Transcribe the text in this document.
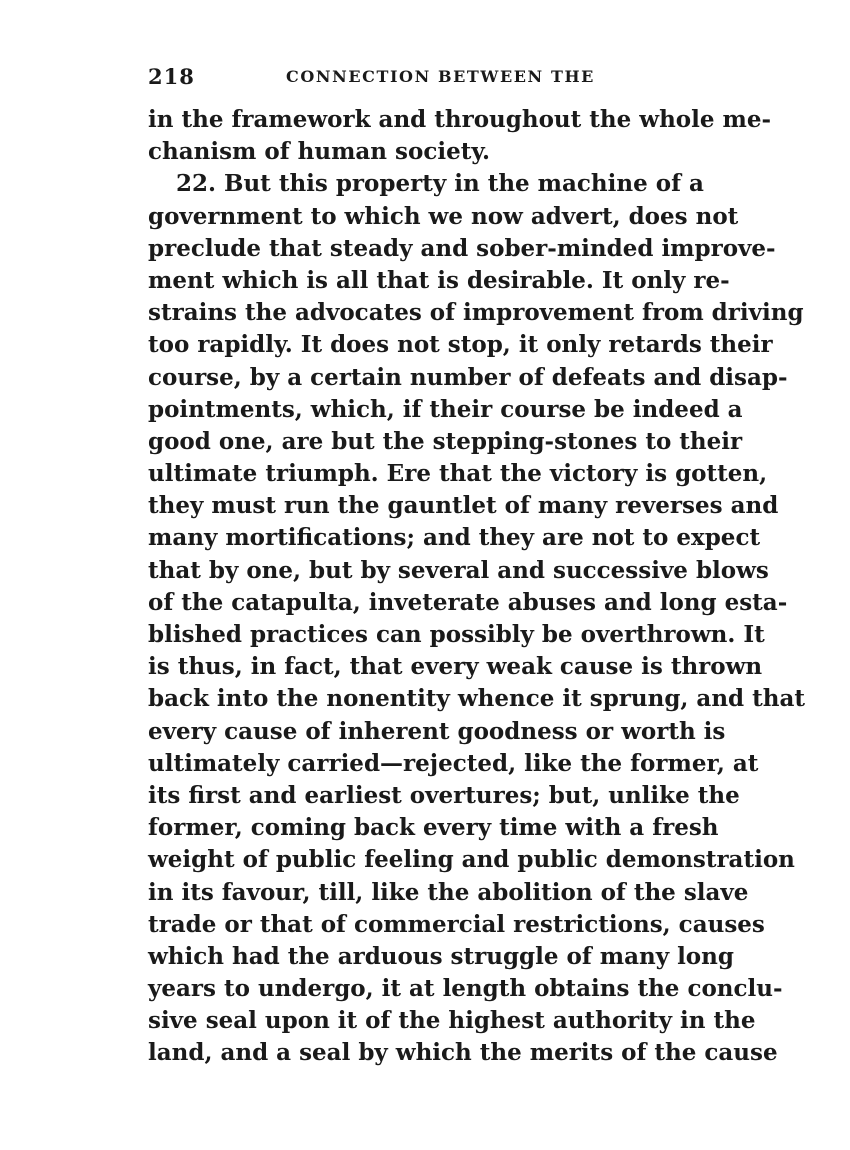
218	CONNECTION BETWEEN THE
in the framework and throughout the whole me-
chanism of human society.
22. But this property in the machine of a
government to which we now advert, does not
preclude that steady and sober-minded improve-
ment which is all that is desirable. It only re-
strains the advocates of improvement from driving
too rapidly. It does not stop, it only retards their
course, by a certain number of defeats and disap-
pointments, which, if their course be indeed a
good one, are but the stepping-stones to their
ultimate triumph. Ere that the victory is gotten,
they must run the gauntlet of many reverses and
many mortifications; and they are not to expect
that by one, but by several and successive blows
of the catapulta, inveterate abuses and long esta-
blished practices can possibly be overthrown. It
is thus, in fact, that every weak cause is thrown
back into the nonentity whence it sprung, and that
every cause of inherent goodness or worth is
ultimately carried—rejected, like the former, at
its first and earliest overtures; but, unlike the
former, coming back every time with a fresh
weight of public feeling and public demonstration
in its favour, till, like the abolition of the slave
trade or that of commercial restrictions, causes
which had the arduous struggle of many long
years to undergo, it at length obtains the conclu-
sive seal upon it of the highest authority in the
land, and a seal by which the merits of the cause
